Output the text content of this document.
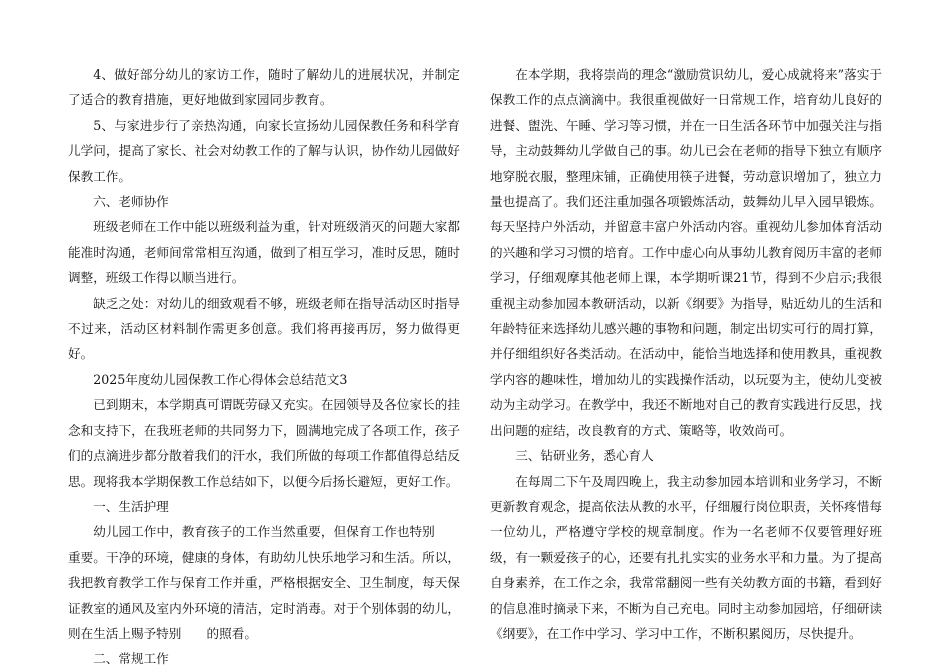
4、做好部分幼儿的家访工作，随时了解幼儿的进展状况，并制定了适合的教育措施，更好地做到家园同步教育。

5、与家进步行了亲热沟通，向家长宣扬幼儿园保教任务和科学育儿学问，提高了家长、社会对幼教工作的了解与认识，协作幼儿园做好保教工作。

六、老师协作

班级老师在工作中能以班级利益为重，针对班级消灭的问题大家都能准时沟通，老师间常常相互沟通，做到了相互学习，准时反思，随时调整，班级工作得以顺当进行。

缺乏之处：对幼儿的细致观看不够，班级老师在指导活动区时指导不过来，活动区材料制作需更多创意。我们将再接再厉，努力做得更好。

2025年度幼儿园保教工作心得体会总结范文3

已到期末，本学期真可谓既劳碌又充实。在园领导及各位家长的挂念和支持下，在我班老师的共同努力下，圆满地完成了各项工作，孩子们的点滴进步都分散着我们的汗水，我们所做的每项工作都值得总结反思。现将我本学期保教工作总结如下，以便今后扬长避短，更好工作。

一、生活护理

幼儿园工作中，教育孩子的工作当然重要，但保育工作也特别重要。干净的环境，健康的身体，有助幼儿快乐地学习和生活。所以，我把教育教学工作与保育工作并重，严格根据安全、卫生制度，每天保证教室的通风及室内外环境的清洁，定时消毒。对于个别体弱的幼儿，则在生活上赐予特别 的照看。

二、常规工作

在本学期，我将崇尚的理念“激励赏识幼儿，爱心成就将来”落实于保教工作的点点滴滴中。我很重视做好一日常规工作，培育幼儿良好的进餐、盥洗、午睡、学习等习惯，并在一日生活各环节中加强关注与指导，主动鼓舞幼儿学做自己的事。幼儿已会在老师的指导下独立有顺序地穿脱衣服，整理床铺，正确使用筷子进餐，劳动意识增加了，独立力量也提高了。我们还注重加强各项锻炼活动，鼓舞幼儿早入园早锻炼。每天坚持户外活动，并留意丰富户外活动内容。重视幼儿参加体育活动的兴趣和学习习惯的培育。工作中虚心向从事幼儿教育阅历丰富的老师学习，仔细观摩其他老师上课，本学期听课21节，得到不少启示;我很重视主动参加园本教研活动，以新《纲要》为指导，贴近幼儿的生活和年龄特征来选择幼儿感兴趣的事物和问题，制定出切实可行的周打算，并仔细组织好各类活动。在活动中，能恰当地选择和使用教具，重视教学内容的趣味性，增加幼儿的实践操作活动，以玩耍为主，使幼儿变被动为主动学习。在教学中，我还不断地对自己的教育实践进行反思，找出问题的症结，改良教育的方式、策略等，收效尚可。

三、钻研业务，悉心育人

在每周二下午及周四晚上，我主动参加园本培训和业务学习，不断更新教育观念，提高依法从教的水平，仔细履行岗位职责，关怀疼惜每一位幼儿，严格遵守学校的规章制度。作为一名老师不仅要管理好班级，有一颗爱孩子的心，还要有扎扎实实的业务水平和力量。为了提高自身素养，在工作之余，我常常翻阅一些有关幼教方面的书籍，看到好的信息准时摘录下来，不断为自己充电。同时主动参加园培，仔细研读《纲要》，在工作中学习、学习中工作，不断积累阅历，尽快提升。
